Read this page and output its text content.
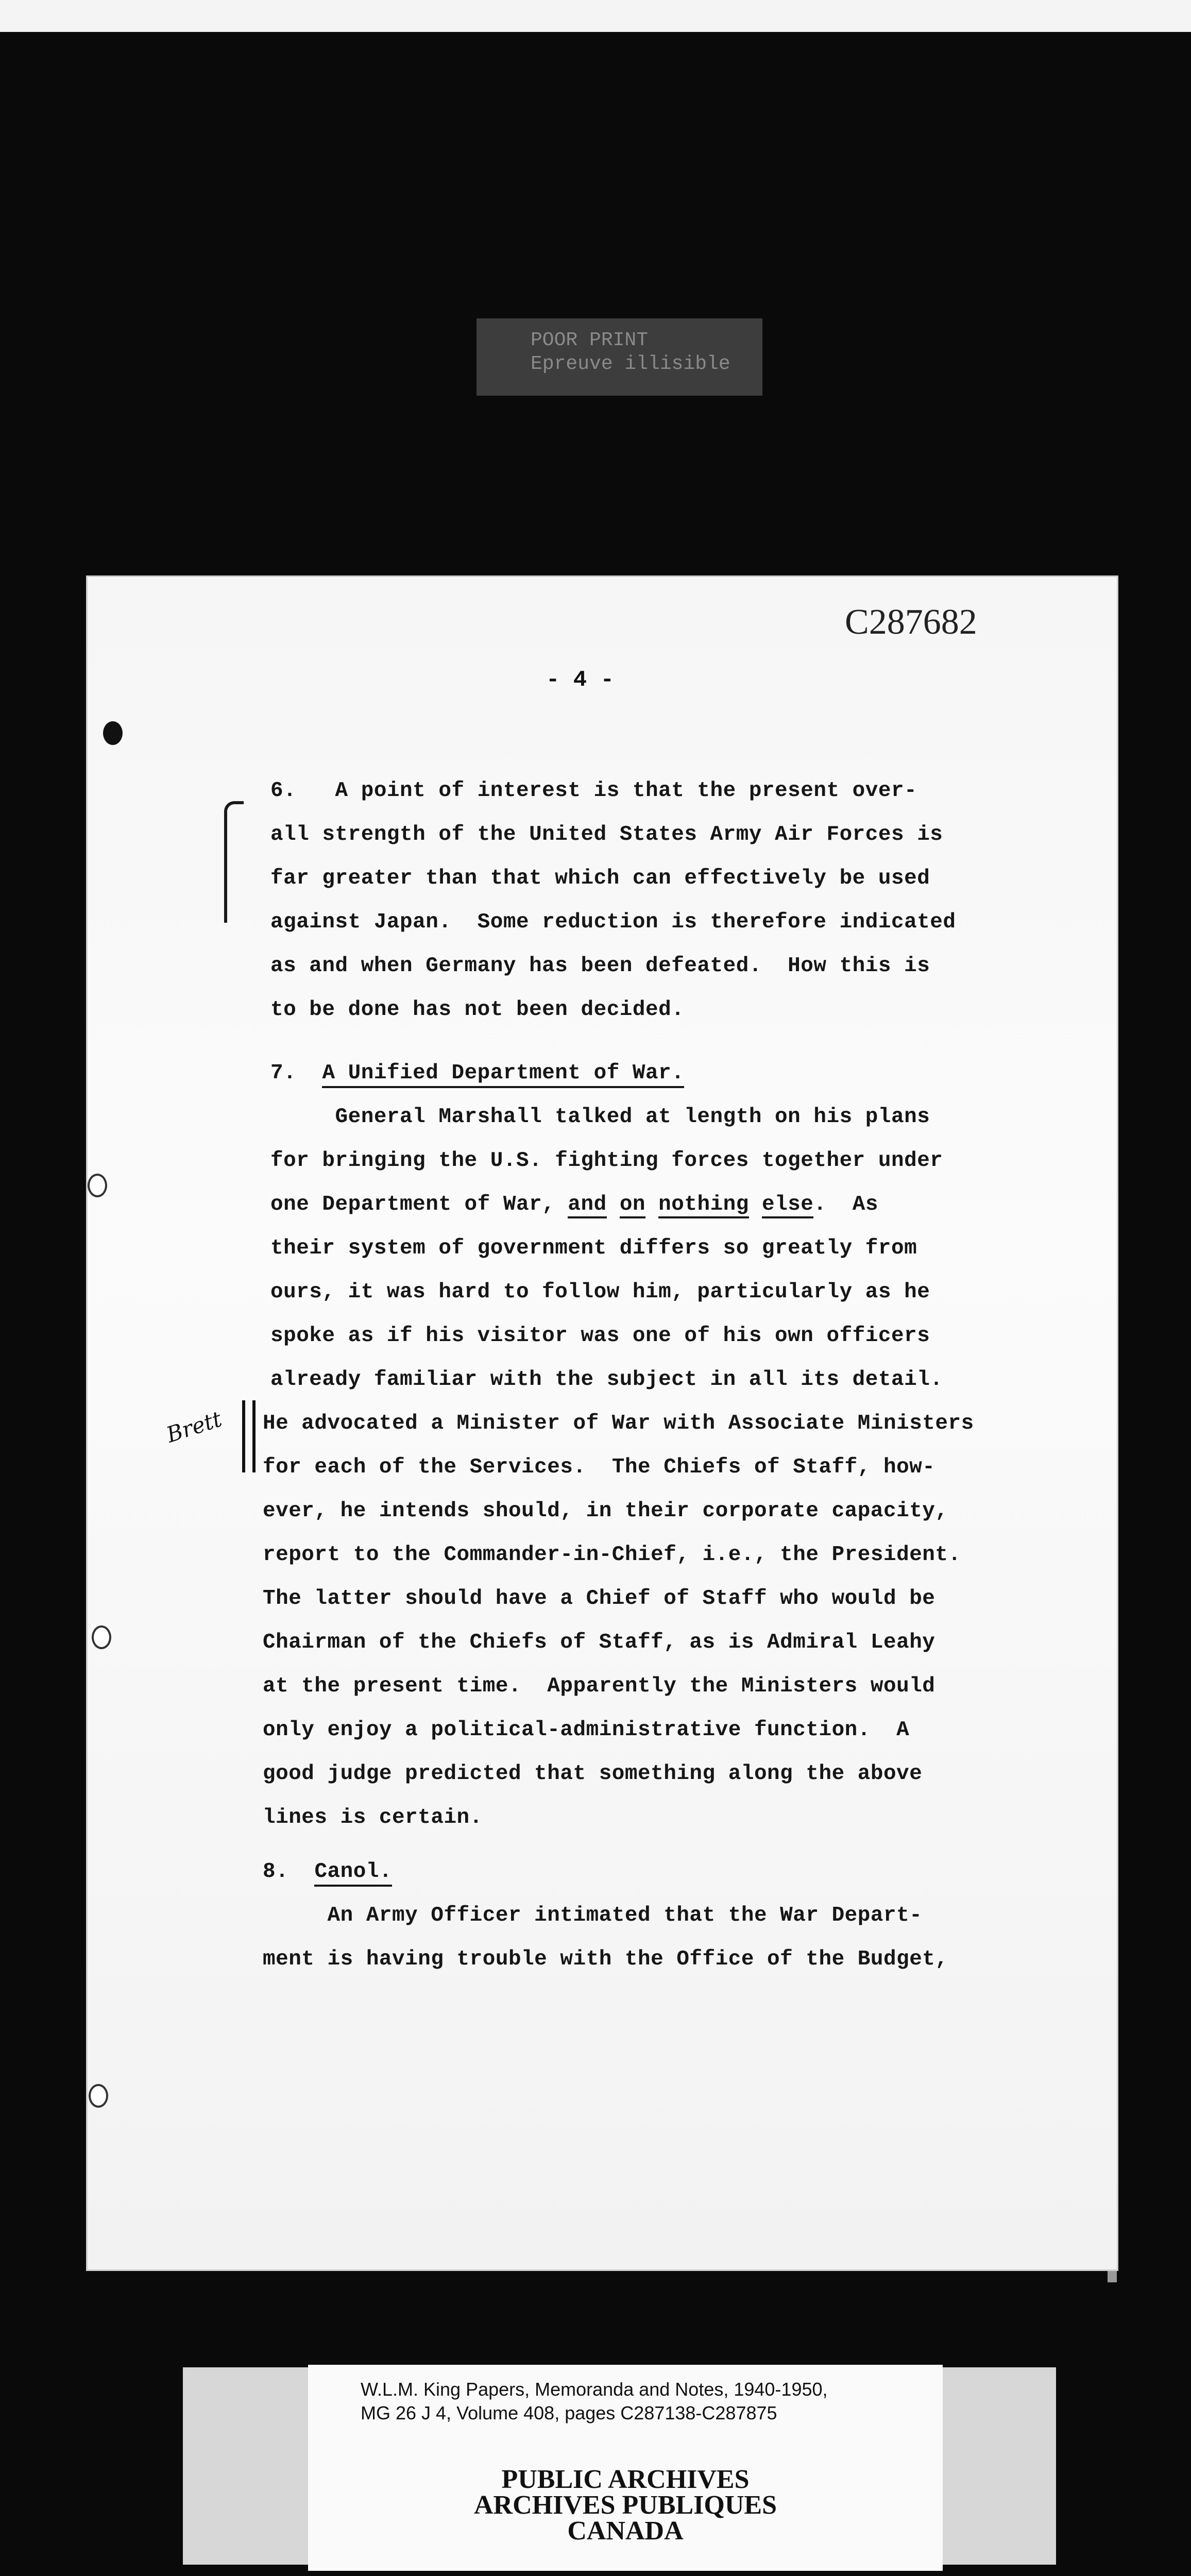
POOR PRINT
Epreuve illisible
C287682
- 4 -
Brett
6.   A point of interest is that the present over-
all strength of the United States Army Air Forces is
far greater than that which can effectively be used
against Japan.  Some reduction is therefore indicated
as and when Germany has been defeated.  How this is
to be done has not been decided.
7. A Unified Department of War.
General Marshall talked at length on his plans
for bringing the U.S. fighting forces together under
one Department of War, and on nothing else.  As
their system of government differs so greatly from
ours, it was hard to follow him, particularly as he
spoke as if his visitor was one of his own officers
already familiar with the subject in all its detail.
He advocated a Minister of War with Associate Ministers
for each of the Services.  The Chiefs of Staff, how-
ever, he intends should, in their corporate capacity,
report to the Commander-in-Chief, i.e., the President.
The latter should have a Chief of Staff who would be
Chairman of the Chiefs of Staff, as is Admiral Leahy
at the present time.  Apparently the Ministers would
only enjoy a political-administrative function.  A
good judge predicted that something along the above
lines is certain.
8. Canol.
An Army Officer intimated that the War Depart-
ment is having trouble with the Office of the Budget,
W.L.M. King Papers, Memoranda and Notes, 1940-1950,
MG 26 J 4, Volume 408, pages C287138-C287875
PUBLIC ARCHIVES
ARCHIVES PUBLIQUES
CANADA
